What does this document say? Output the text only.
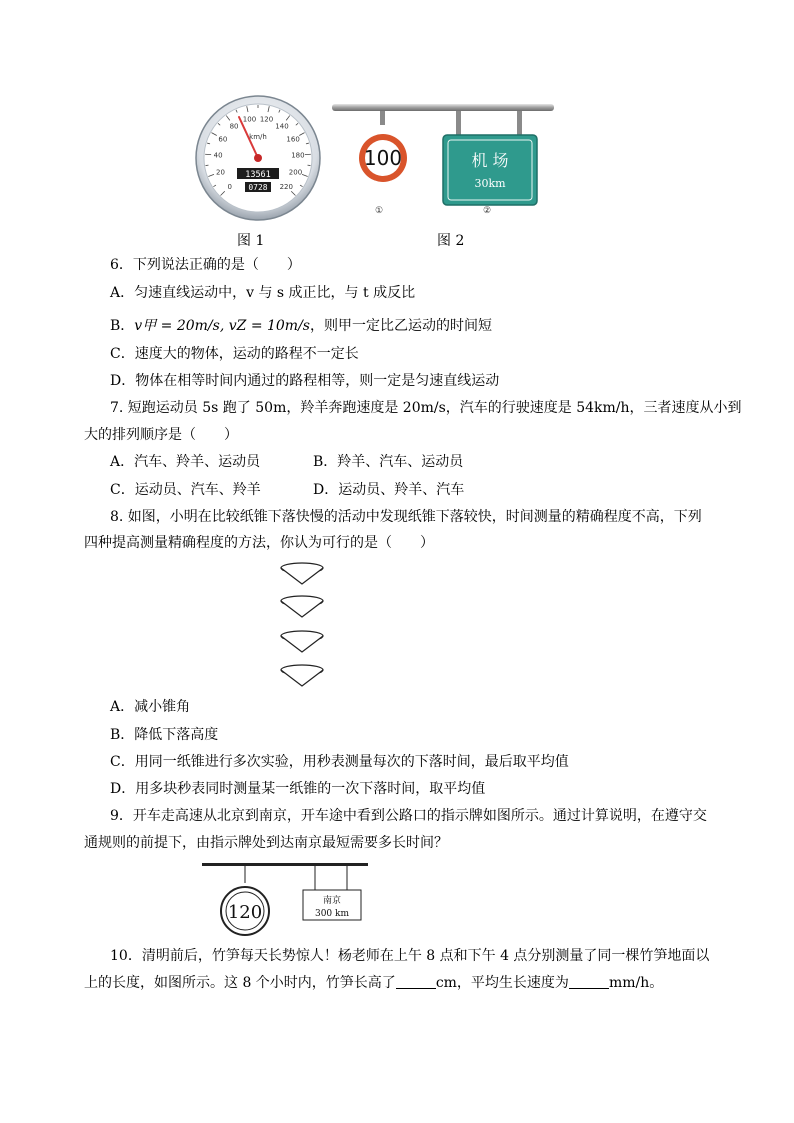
0
20
40
60
80
100 120
140
160
180
200
220
km/h
13561
0728
100	机 场
30km
①	②
图 1	图 2
6．下列说法正确的是（　　）
A．匀速直线运动中，v 与 s 成正比，与 t 成反比
B．v甲 = 20m/s, vZ = 10m/s，则甲一定比乙运动的时间短
C．速度大的物体，运动的路程不一定长
D．物体在相等时间内通过的路程相等，则一定是匀速直线运动
7. 短跑运动员 5s 跑了 50m，羚羊奔跑速度是 20m/s，汽车的行驶速度是 54km/h，三者速度从小到
大的排列顺序是（　　）
A．汽车、羚羊、运动员	B．羚羊、汽车、运动员
C．运动员、汽车、羚羊	D．运动员、羚羊、汽车
8. 如图，小明在比较纸锥下落快慢的活动中发现纸锥下落较快，时间测量的精确程度不高，下列
四种提高测量精确程度的方法，你认为可行的是（　　）
A．减小锥角
B．降低下落高度
C．用同一纸锥进行多次实验，用秒表测量每次的下落时间，最后取平均值
D．用多块秒表同时测量某一纸锥的一次下落时间，取平均值
9．开车走高速从北京到南京，开车途中看到公路口的指示牌如图所示。通过计算说明，在遵守交
通规则的前提下，由指示牌处到达南京最短需要多长时间？
120
南京
300 km
10．清明前后，竹笋每天长势惊人！杨老师在上午 8 点和下午 4 点分别测量了同一棵竹笋地面以
上的长度，如图所示。这 8 个小时内，竹笋长高了	cm，平均生长速度为	mm/h。
